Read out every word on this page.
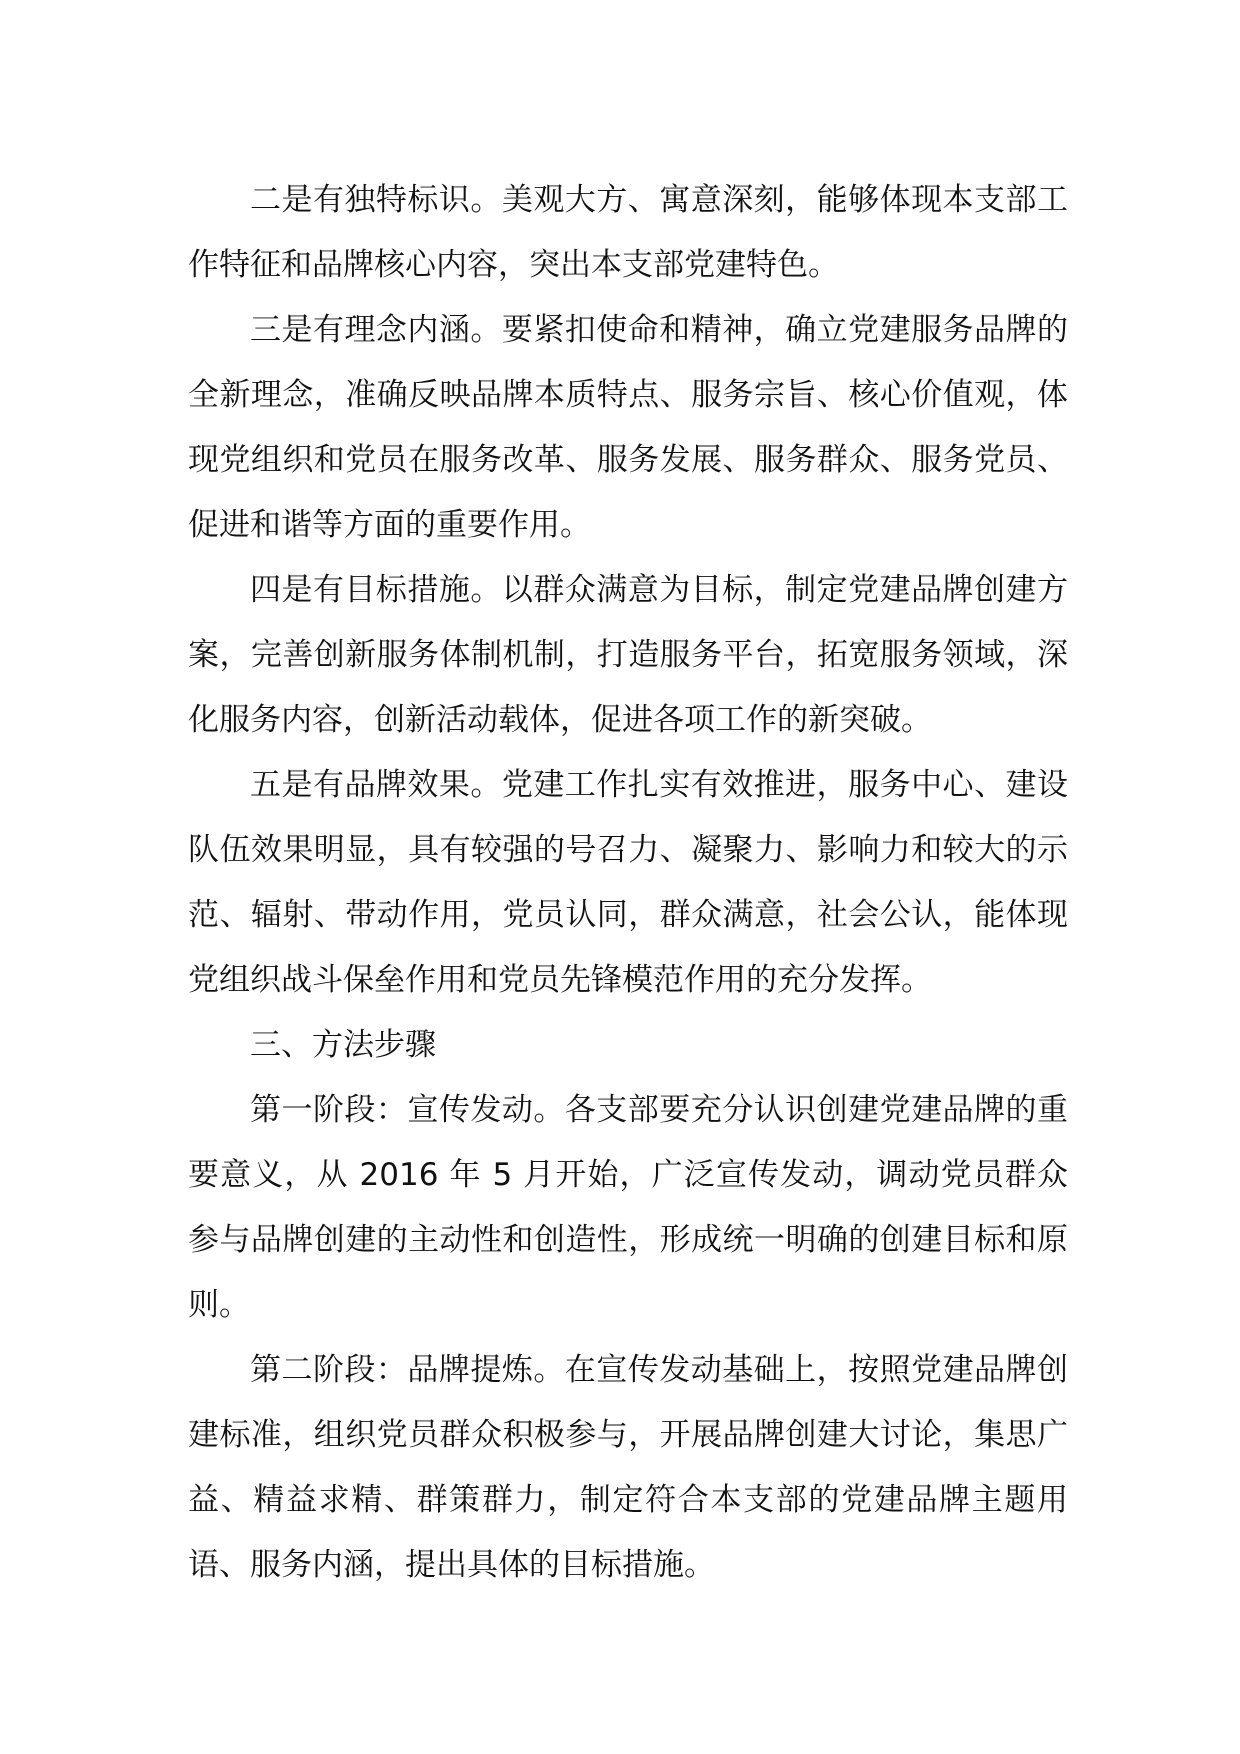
二是有独特标识。美观大方、寓意深刻，能够体现本支部工作特征和品牌核心内容，突出本支部党建特色。

三是有理念内涵。要紧扣使命和精神，确立党建服务品牌的全新理念，准确反映品牌本质特点、服务宗旨、核心价值观，体现党组织和党员在服务改革、服务发展、服务群众、服务党员、促进和谐等方面的重要作用。

四是有目标措施。以群众满意为目标，制定党建品牌创建方案，完善创新服务体制机制，打造服务平台，拓宽服务领域，深化服务内容，创新活动载体，促进各项工作的新突破。

五是有品牌效果。党建工作扎实有效推进，服务中心、建设队伍效果明显，具有较强的号召力、凝聚力、影响力和较大的示范、辐射、带动作用，党员认同，群众满意，社会公认，能体现党组织战斗保垒作用和党员先锋模范作用的充分发挥。

三、方法步骤

第一阶段：宣传发动。各支部要充分认识创建党建品牌的重要意义，从 2016 年 5 月开始，广泛宣传发动，调动党员群众参与品牌创建的主动性和创造性，形成统一明确的创建目标和原则。

第二阶段：品牌提炼。在宣传发动基础上，按照党建品牌创建标准，组织党员群众积极参与，开展品牌创建大讨论，集思广益、精益求精、群策群力，制定符合本支部的党建品牌主题用语、服务内涵，提出具体的目标措施。
